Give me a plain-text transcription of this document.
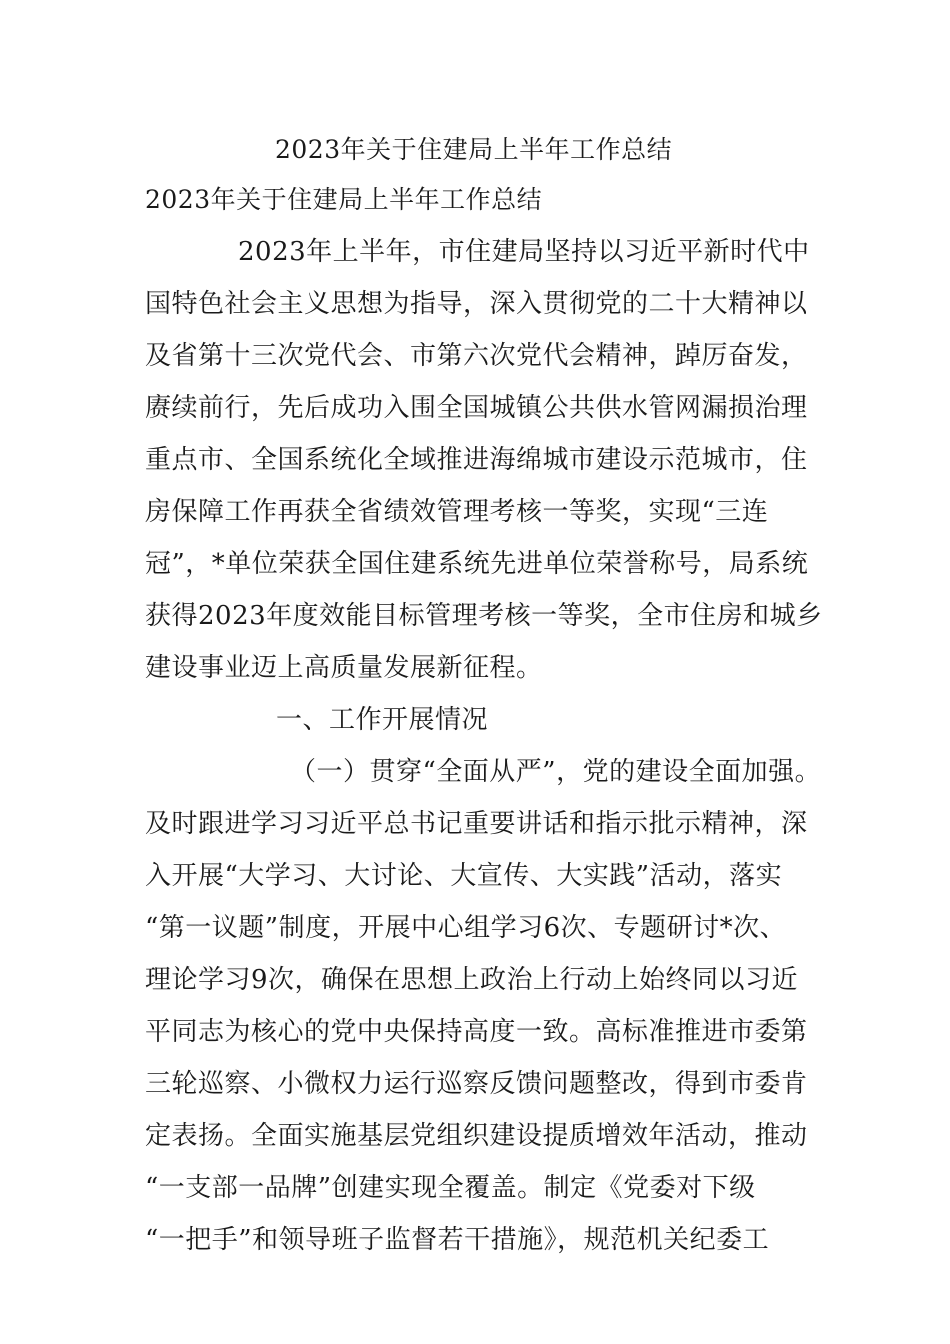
2023年关于住建局上半年工作总结
2023年关于住建局上半年工作总结
2023年上半年，市住建局坚持以习近平新时代中
国特色社会主义思想为指导，深入贯彻党的二十大精神以
及省第十三次党代会、市第六次党代会精神，踔厉奋发，
赓续前行，先后成功入围全国城镇公共供水管网漏损治理
重点市、全国系统化全域推进海绵城市建设示范城市，住
房保障工作再获全省绩效管理考核一等奖，实现“三连
冠”，*单位荣获全国住建系统先进单位荣誉称号，局系统
获得2023年度效能目标管理考核一等奖，全市住房和城乡
建设事业迈上高质量发展新征程。
一、工作开展情况
（一）贯穿“全面从严”，党的建设全面加强。
及时跟进学习习近平总书记重要讲话和指示批示精神，深
入开展“大学习、大讨论、大宣传、大实践”活动，落实
“第一议题”制度，开展中心组学习6次、专题研讨*次、
理论学习9次，确保在思想上政治上行动上始终同以习近
平同志为核心的党中央保持高度一致。高标准推进市委第
三轮巡察、小微权力运行巡察反馈问题整改，得到市委肯
定表扬。全面实施基层党组织建设提质增效年活动，推动
“一支部一品牌”创建实现全覆盖。制定《党委对下级
“一把手”和领导班子监督若干措施》，规范机关纪委工
